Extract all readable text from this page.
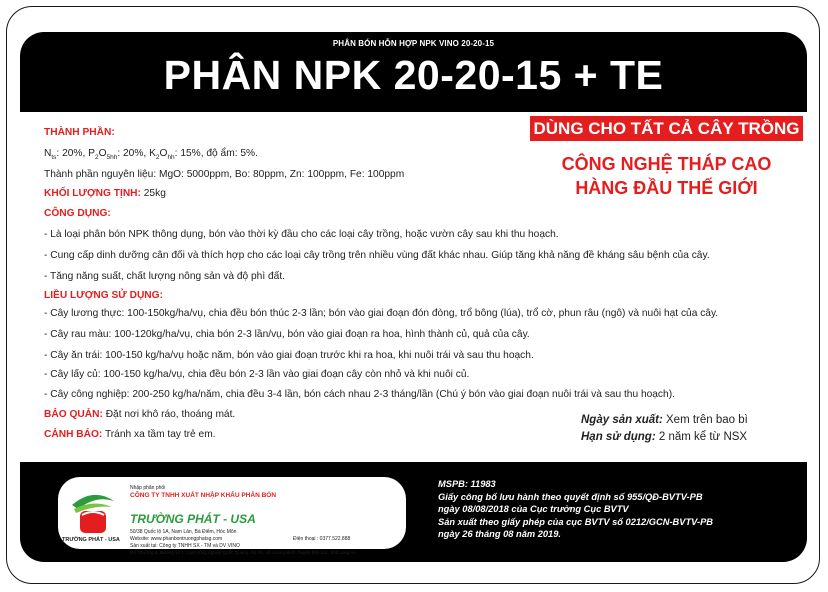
PHÂN BÓN HỖN HỢP NPK VINO 20-20-15
PHÂN NPK 20-20-15 + TE
DÙNG CHO TẤT CẢ CÂY TRỒNG
CÔNG NGHỆ THÁP CAO
HÀNG ĐẦU THẾ GIỚI
THÀNH PHẦN:
$N_{ts}$: 20%, $P_2O_{5hh}$: 20%, $K_2O_{hh}$: 15%, độ ẩm: 5%.
Thành phần nguyên liệu: MgO: 5000ppm, Bo: 80ppm, Zn: 100ppm, Fe: 100ppm
KHỐI LƯỢNG TỊNH: 25kg
CÔNG DỤNG:
- Là loại phân bón NPK thông dụng, bón vào thời kỳ đầu cho các loại cây trồng, hoặc vườn cây sau khi thu hoạch.
- Cung cấp dinh dưỡng cân đối và thích hợp cho các loại cây trồng trên nhiều vùng đất khác nhau. Giúp tăng khả năng đề kháng sâu bệnh của cây.
- Tăng năng suất, chất lượng nông sản và độ phì đất.
LIỀU LƯỢNG SỬ DỤNG:
- Cây lương thực: 100-150kg/ha/vụ, chia đều bón thúc 2-3 lần; bón vào giai đoạn đón đòng, trổ bông (lúa), trổ cờ, phun râu (ngô) và nuôi hạt của cây.
- Cây rau màu: 100-120kg/ha/vụ, chia bón 2-3 lần/vụ, bón vào giai đoạn ra hoa, hình thành củ, quả của cây.
- Cây ăn trái: 100-150 kg/ha/vụ hoặc năm, bón vào giai đoạn trước khi ra hoa, khi nuôi trái và sau thu hoạch.
- Cây lấy củ: 100-150 kg/ha/vụ, chia đều bón 2-3 lần vào giai đoạn cây còn nhỏ và khi nuôi củ.
- Cây công nghiệp: 200-250 kg/ha/năm, chia đều 3-4 lần, bón cách nhau 2-3 tháng/lần (Chú ý bón vào giai đoạn nuôi trái và sau thu hoạch).
BẢO QUẢN: Đặt nơi khô ráo, thoáng mát.
CẢNH BÁO: Tránh xa tầm tay trẻ em.
Ngày sản xuất: Xem trên bao bì
Hạn sử dụng: 2 năm kể từ NSX
TRƯỜNG PHÁT - USA
Nhập phân phối
CÔNG TY TNHH XUẤT NHẬP KHẨU PHÂN BÓN
TRƯỜNG PHÁT - USA
50/38 Quốc lộ 1A, Nam Lân, Bà Điểm, Hóc Môn
Website: www.phanbontruongphatsg.com	Điện thoại : 0377.522.888
Sản xuất tại: Công ty TNHH SX - TM và DV VINO
Đ/c: Đường 4, Đường số 1, Cụm công nghiệp Quốc Quang, Ấp 3A, xã Lương Bình, huyện Bến Lức, tỉnh Long An
MSPB: 11983
Giấy công bố lưu hành theo quyết định số 955/QĐ-BVTV-PB
ngày 08/08/2018 của Cục trưởng Cục BVTV
Sản xuất theo giấy phép của cục BVTV số 0212/GCN-BVTV-PB
ngày 26 tháng 08 năm 2019.
